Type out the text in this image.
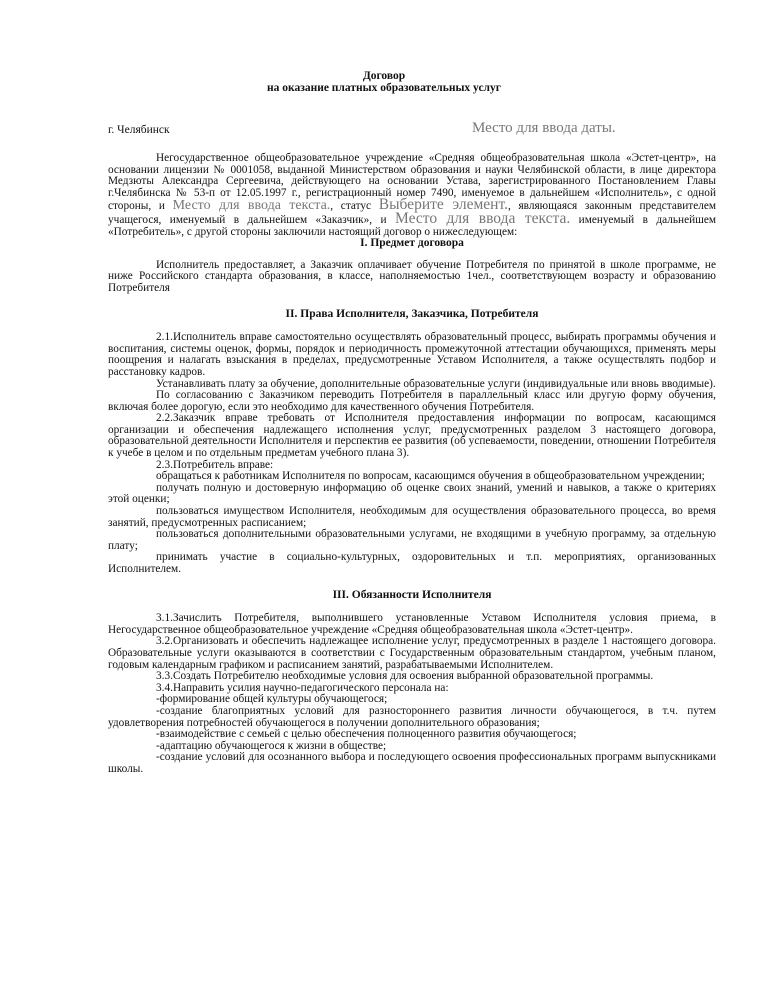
Договор
на оказание платных образовательных услуг
г. Челябинск	Место для ввода даты.

Негосударственное общеобразовательное учреждение «Средняя общеобразовательная школа «Эстет-центр», на основании лицензии № 0001058, выданной Министерством образования и науки Челябинской области, в лице директора Медзюты Александра Сергеевича, действующего на основании Устава, зарегистрированного Постановлением Главы г.Челябинска № 53-п от 12.05.1997 г., регистрационный номер 7490, именуемое в дальнейшем «Исполнитель», с одной стороны, и Место для ввода текста., статус Выберите элемент., являющаяся законным представителем учащегося, именуемый в дальнейшем «Заказчик», и Место для ввода текста. именуемый в дальнейшем «Потребитель», с другой стороны заключили настоящий договор о нижеследующем:

I. Предмет договора

Исполнитель предоставляет, а Заказчик оплачивает обучение Потребителя по принятой в школе программе, не ниже Российского стандарта образования, в классе, наполняемостью 1чел., соответствующем возрасту и образованию Потребителя

II. Права Исполнителя, Заказчика, Потребителя

2.1.Исполнитель вправе самостоятельно осуществлять образовательный процесс, выбирать программы обучения и воспитания, системы оценок, формы, порядок и периодичность промежуточной аттестации обучающихся, применять меры поощрения и налагать взыскания в пределах, предусмотренные Уставом Исполнителя, а также осуществлять подбор и расстановку кадров.

Устанавливать плату за обучение, дополнительные образовательные услуги (индивидуальные или вновь вводимые).

По согласованию с Заказчиком переводить Потребителя в параллельный класс или другую форму обучения, включая более дорогую, если это необходимо для качественного обучения Потребителя.

2.2.Заказчик вправе требовать от Исполнителя предоставления информации по вопросам, касающимся организации и обеспечения надлежащего исполнения услуг, предусмотренных разделом 3 настоящего договора, образовательной деятельности Исполнителя и перспектив ее развития (об успеваемости, поведении, отношении Потребителя к учебе в целом и по отдельным предметам учебного плана 3).

2.3.Потребитель вправе:

обращаться к работникам Исполнителя по вопросам, касающимся обучения в общеобразовательном учреждении;

получать полную и достоверную информацию об оценке своих знаний, умений и навыков, а также о критериях этой оценки;

пользоваться имуществом Исполнителя, необходимым для осуществления образовательного процесса, во время занятий, предусмотренных расписанием;

пользоваться дополнительными образовательными услугами, не входящими в учебную программу, за отдельную плату;

принимать участие в социально-культурных, оздоровительных и т.п. мероприятиях, организованных Исполнителем.

III. Обязанности Исполнителя

3.1.Зачислить Потребителя, выполнившего установленные Уставом Исполнителя условия приема, в Негосударственное общеобразовательное учреждение «Средняя общеобразовательная школа «Эстет-центр».

3.2.Организовать и обеспечить надлежащее исполнение услуг, предусмотренных в разделе 1 настоящего договора. Образовательные услуги оказываются в соответствии с Государственным образовательным стандартом, учебным планом, годовым календарным графиком и расписанием занятий, разрабатываемыми Исполнителем.

3.3.Создать Потребителю необходимые условия для освоения выбранной образовательной программы.

3.4.Направить усилия научно-педагогического персонала на:

-формирование общей культуры обучающегося;

-создание благоприятных условий для разностороннего развития личности обучающегося, в т.ч. путем удовлетворения потребностей обучающегося в получении дополнительного образования;

-взаимодействие с семьей с целью обеспечения полноценного развития обучающегося;

-адаптацию обучающегося к жизни в обществе;

-создание условий для осознанного выбора и последующего освоения профессиональных программ выпускниками школы.
